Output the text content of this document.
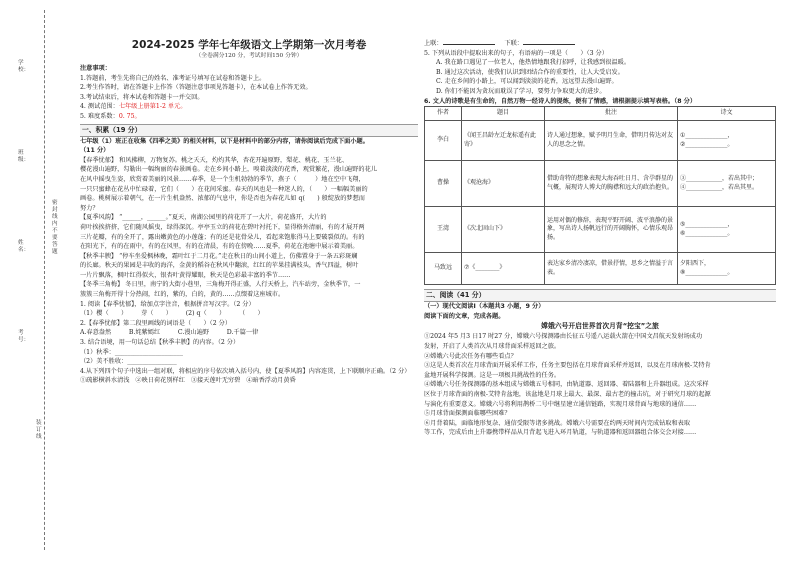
学校：
班级：
姓名：
考号：
装订线
密封线内不要答题
2024-2025 学年七年级语文上学期第一次月考卷
（全卷满分120 分，考试时间150 分钟）

注意事项：

1.答题前，考生先将自己的姓名、准考证号填写在试卷和答题卡上。

2.考生作答时，请在答题卡上作答（答题注意事项见答题卡），在本试卷上作答无效。

3.考试结束后，将本试卷和答题卡一并交回。

4. 测试范围：七年级上册第1-2 单元。

5. 难度系数：0. 75。

一、积累（19 分）

七年级（1）班正在收集《四季之美》的相关材料，以下是材料中的部分内容，请你阅读后完成下面小题。

（11 分）

【春季忧郁】 和风拂柳，万物复苏。桃之夭夭，灼灼其华，杏花开遍原野，梨花、桃花、玉兰花、

樱花漫山遍野，勾勒出一幅绚丽的春景画卷。走在乡间小路上，嗅着淡淡的花香，观赏繁花，漫山遍野的花儿

在风中摇曳生姿，欣赏着美丽的风景……春季，是一个生机勃勃的季节，燕子（　　　）地在空中飞翔，

一只只蜜蜂在花丛中忙碌着，它们（　　）在花间采蜜。春天的风也是一种迷人的，（　　）一幅幅美丽的

画卷。桃树展示着朝气，在一片生机盎然、浓郁的气息中，你是否也为春花儿如 q(　　) 般绽放的梦想而

努力？

【夏季风韵】 “______，______。”夏天，南湖公园里的荷花开了一大片，荷花盛开，大片的

荷叶挨挨挤挤，它们随风摇曳，绿得深沉。亭亭玉立的荷花在碧叶衬托下，显得格外清丽，有的才展开两

三片花瓣，有的全开了，露出嫩黄色的小莲蓬；有的还是花骨朵儿，看起来饱胀得马上要破裂似的。有的

在阳光下，有的在雨中，有的在风里，有的在清晨，有的在傍晚……夏季，荷花在池塘中展示着美丽。

【秋季丰腴】 “停车坐爱枫林晚，霜叶红于二月花。”走在秋日的山间小道上，仿佛置身于一条五彩斑斓

的长廊。秋天的果园是丰收的海洋，金黄的稻谷在秋风中翻滚，红红的苹果挂满枝头，香气四溢，树叶

一片片飘落，枫叶红得似火，银杏叶黄得耀眼，秋天是色彩最丰富的季节……

【冬季三角梅】 冬日里，南宁的大街小巷里，三角梅开得正盛，人行天桥上，汽车站旁，金秋季节，一

簇簇三角梅开得十分热闹，红的，紫的，白的，黄的……点缀着这座城市。

1. 阅读【春季忧郁】，给加点字注音，根据拼音写汉字。（2 分）

（1）樱（　　） 芽（　　） (2) q（　　） （　　）

2.【春季忧郁】第二段里画线的词语是（　　）（2 分）

A.春意盎然	B.姹紫嫣红	C.漫山遍野	D.千篇一律

3. 结合语境，用一句话总结【秋季丰腴】的内容。（2 分）

（1）秋季：______________________

（2）美不胜收：________________

4.从下列四个句子中选出一组对联，将相应的序号依次填入括号内，使【夏季风韵】内容连贯，上下联顺序正确。（2 分）

①疏影横斜水清浅 ②映日荷花别样红 ③接天莲叶无穷碧 ④暗香浮动月黄昏

上联：	下联：

5. 下列从语段中提取出来的句子，有语病的一项是（　　）（3 分）

A. 我在路口遇见了一位老人，他热情地跟我打招呼，让我感到很温暖。

B. 通过这次活动，使我们认识到团结合作的重要性，让人大受启发。

C. 走在乡间的小路上，可以闻到淡淡的花香，远远望去漫山遍野。

D. 你们不能因为贪玩而耽误了学习，要努力争取更大的进步。

6. 文人的诗歌是有生命的，自然万物一经诗人的提炼，便有了情感，请根据提示填写表格。（8 分）

作者	题目	批注	诗文
李白	《闻王昌龄左迁龙标遥有此寄》	诗人通过想象，赋予明月生命，借明月传达对友人的思念之情。	①______________，
②______________。

曹操	《观沧海》	借助奇特的想象表现大海吞吐日月、含孕群星的气概，展现诗人博大的胸襟和远大的政治抱负。	③____________，若出其中；
④____________，若出其里。

王湾	《次北固山下》	运用对偶的修辞，表现平野开阔、波平浪静的景象，写出诗人扬帆远行的开阔胸怀，心情乐观昂扬。	⑤______________，
⑥______________。

马致远	⑦《________》	表达家乡清冷凄凉，借景抒情，思乡之情溢于言表。	夕阳西下，
⑧______________。
二、阅读（41 分）

（一）现代文阅读Ⅰ（本题共3 小题，9 分）

阅读下面的文章，完成各题。

嫦娥六号开启世界首次月背“挖宝”之旅

①2024 年5 月3 日17 时27 分，嫦娥六号探测器由长征五号遥八运载火箭在中国文昌航天发射场成功

发射，开启了人类首次从月球背面采样返回之旅。

②嫦娥六号此次任务有哪些看点？

③这是人类首次在月球背面开展采样工作，任务主要包括在月球背面采样并返回，以及在月球南极-艾特肯

盆地开展科学探测。这是一项极具挑战性的任务。

④嫦娥六号任务探测器的基本组成与嫦娥五号相同，由轨道器、返回器、着陆器和上升器组成。这次采样

区位于月球背面的南极-艾特肯盆地，该盆地是月球上最大、最深、最古老的撞击坑，对于研究月球的起源

与演化有重要意义。嫦娥六号将利用鹊桥二号中继星建立通信链路，实现月球背面与地球的通信……

⑤月球背面探测面临哪些困难？

⑥月背着陆，面临地形复杂、通信受限等诸多挑战。嫦娥六号需要在约两天时间内完成钻取和表取

等工作，完成后由上升器携带样品从月背起飞进入环月轨道，与轨道器和返回器组合体交会对接……
